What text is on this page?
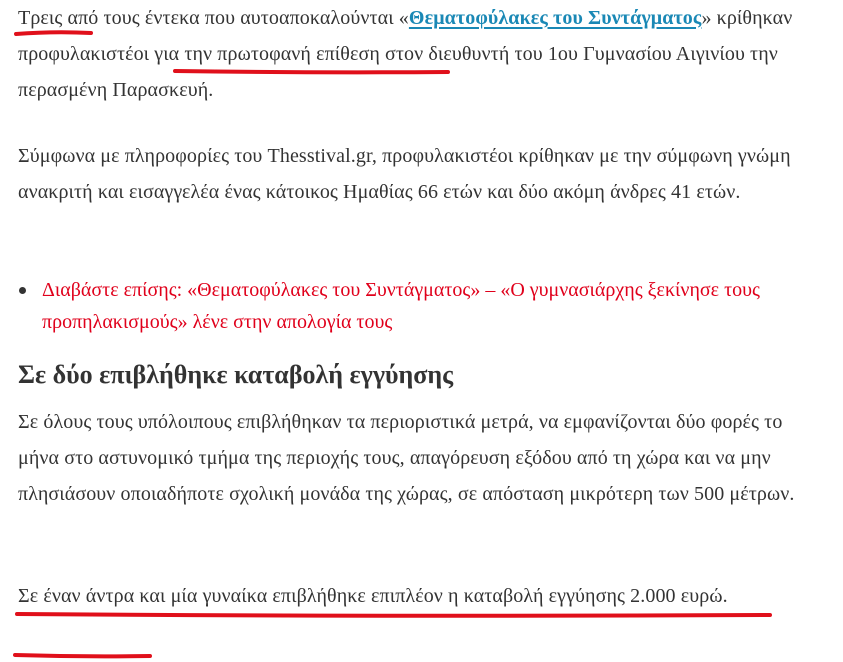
Τρεις από τους έντεκα που αυτοαποκαλούνται «Θεματοφύλακες του Συντάγματος» κρίθηκαν προφυλακιστέοι για την πρωτοφανή επίθεση στον διευθυντή του 1ου Γυμνασίου Αιγινίου την περασμένη Παρασκευή.

Σύμφωνα με πληροφορίες του Thesstival.gr, προφυλακιστέοι κρίθηκαν με την σύμφωνη γνώμη ανακριτή και εισαγγελέα ένας κάτοικος Ημαθίας 66 ετών και δύο ακόμη άνδρες 41 ετών.

Διαβάστε επίσης: «Θεματοφύλακες του Συντάγματος» – «Ο γυμνασιάρχης ξεκίνησε τους προπηλακισμούς» λένε στην απολογία τους
Σε δύο επιβλήθηκε καταβολή εγγύησης

Σε όλους τους υπόλοιπους επιβλήθηκαν τα περιοριστικά μετρά, να εμφανίζονται δύο φορές το μήνα στο αστυνομικό τμήμα της περιοχής τους, απαγόρευση εξόδου από τη χώρα και να μην πλησιάσουν οποιαδήποτε σχολική μονάδα της χώρας, σε απόσταση μικρότερη των 500 μέτρων.

Σε έναν άντρα και μία γυναίκα επιβλήθηκε επιπλέον η καταβολή εγγύησης 2.000 ευρώ.
